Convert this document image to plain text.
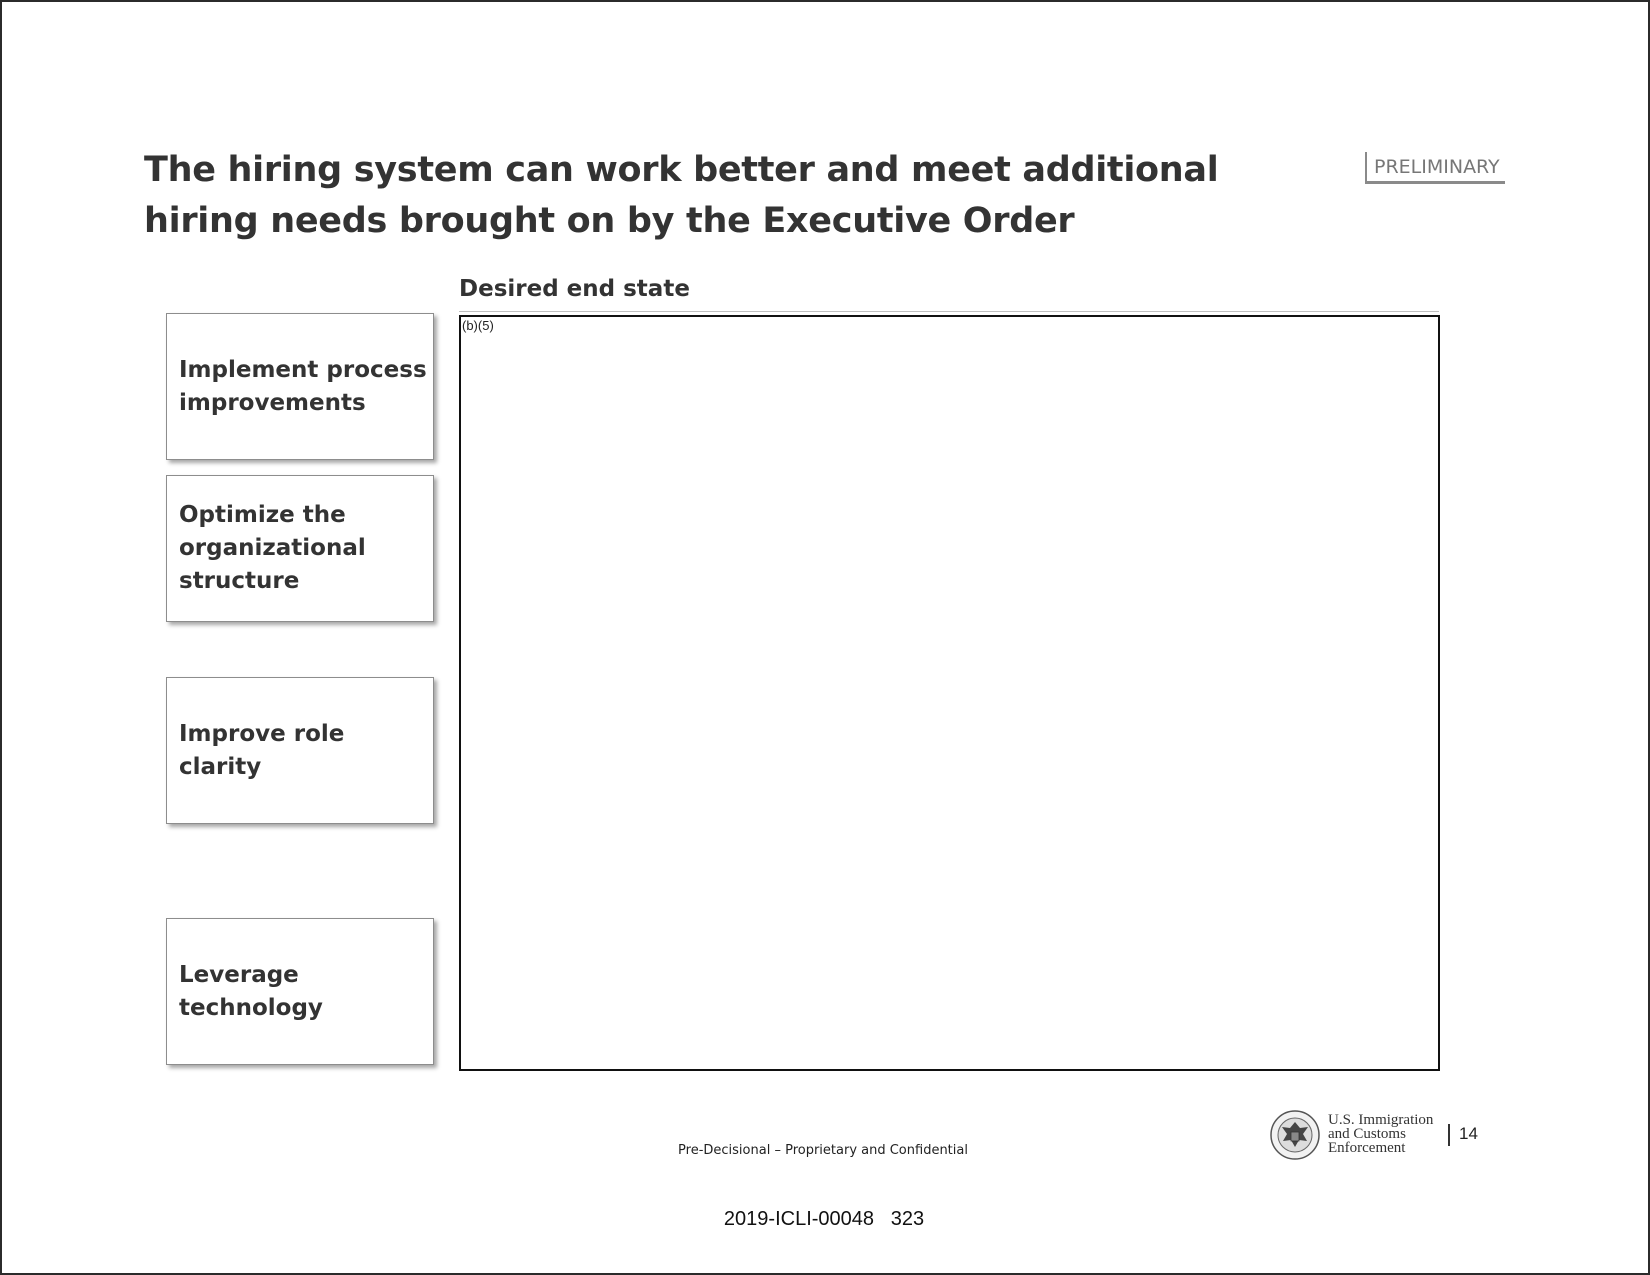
The hiring system can work better and meet additional hiring needs brought on by the Executive Order
PRELIMINARY
Desired end state
Implement process improvements
Optimize the organizational structure
Improve role clarity
Leverage technology
(b)(5)
Pre-Decisional – Proprietary and Confidential
U.S. Immigration
and Customs
Enforcement
14
2019-ICLI-00048   323
